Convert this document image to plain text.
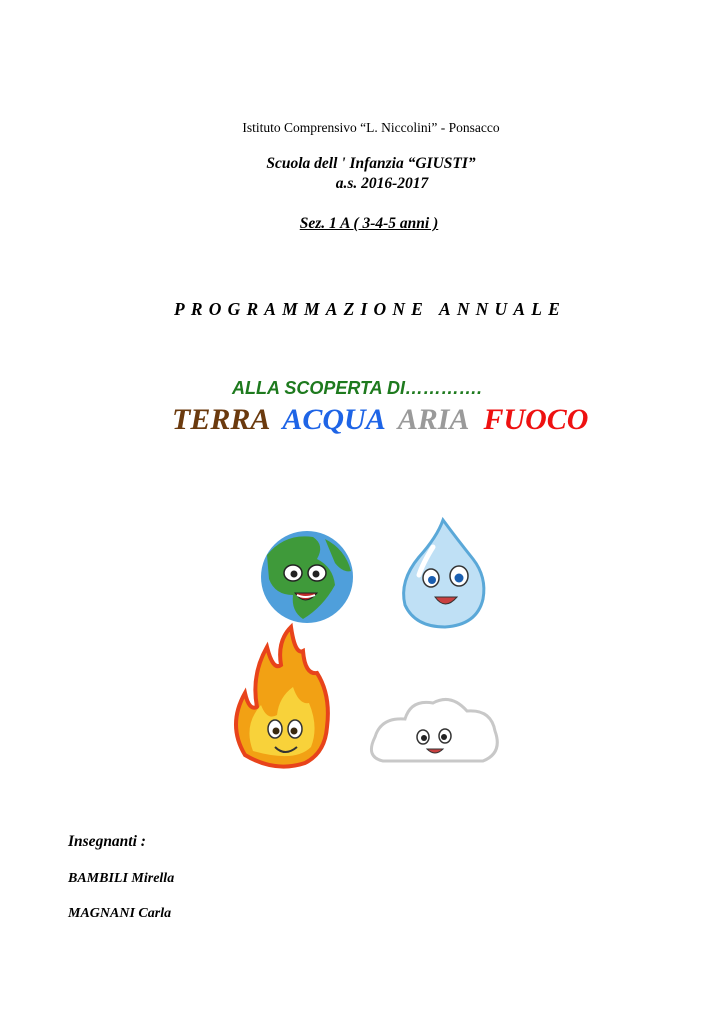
Istituto Comprensivo “L. Niccolini” - Ponsacco
Scuola dell ' Infanzia “GIUSTI”
a.s. 2016-2017
Sez. 1 A ( 3-4-5 anni )
PROGRAMMAZIONE ANNUALE
ALLA SCOPERTA DI………….
TERRA ACQUA ARIA FUOCO
Insegnanti :
BAMBILI Mirella
MAGNANI Carla
